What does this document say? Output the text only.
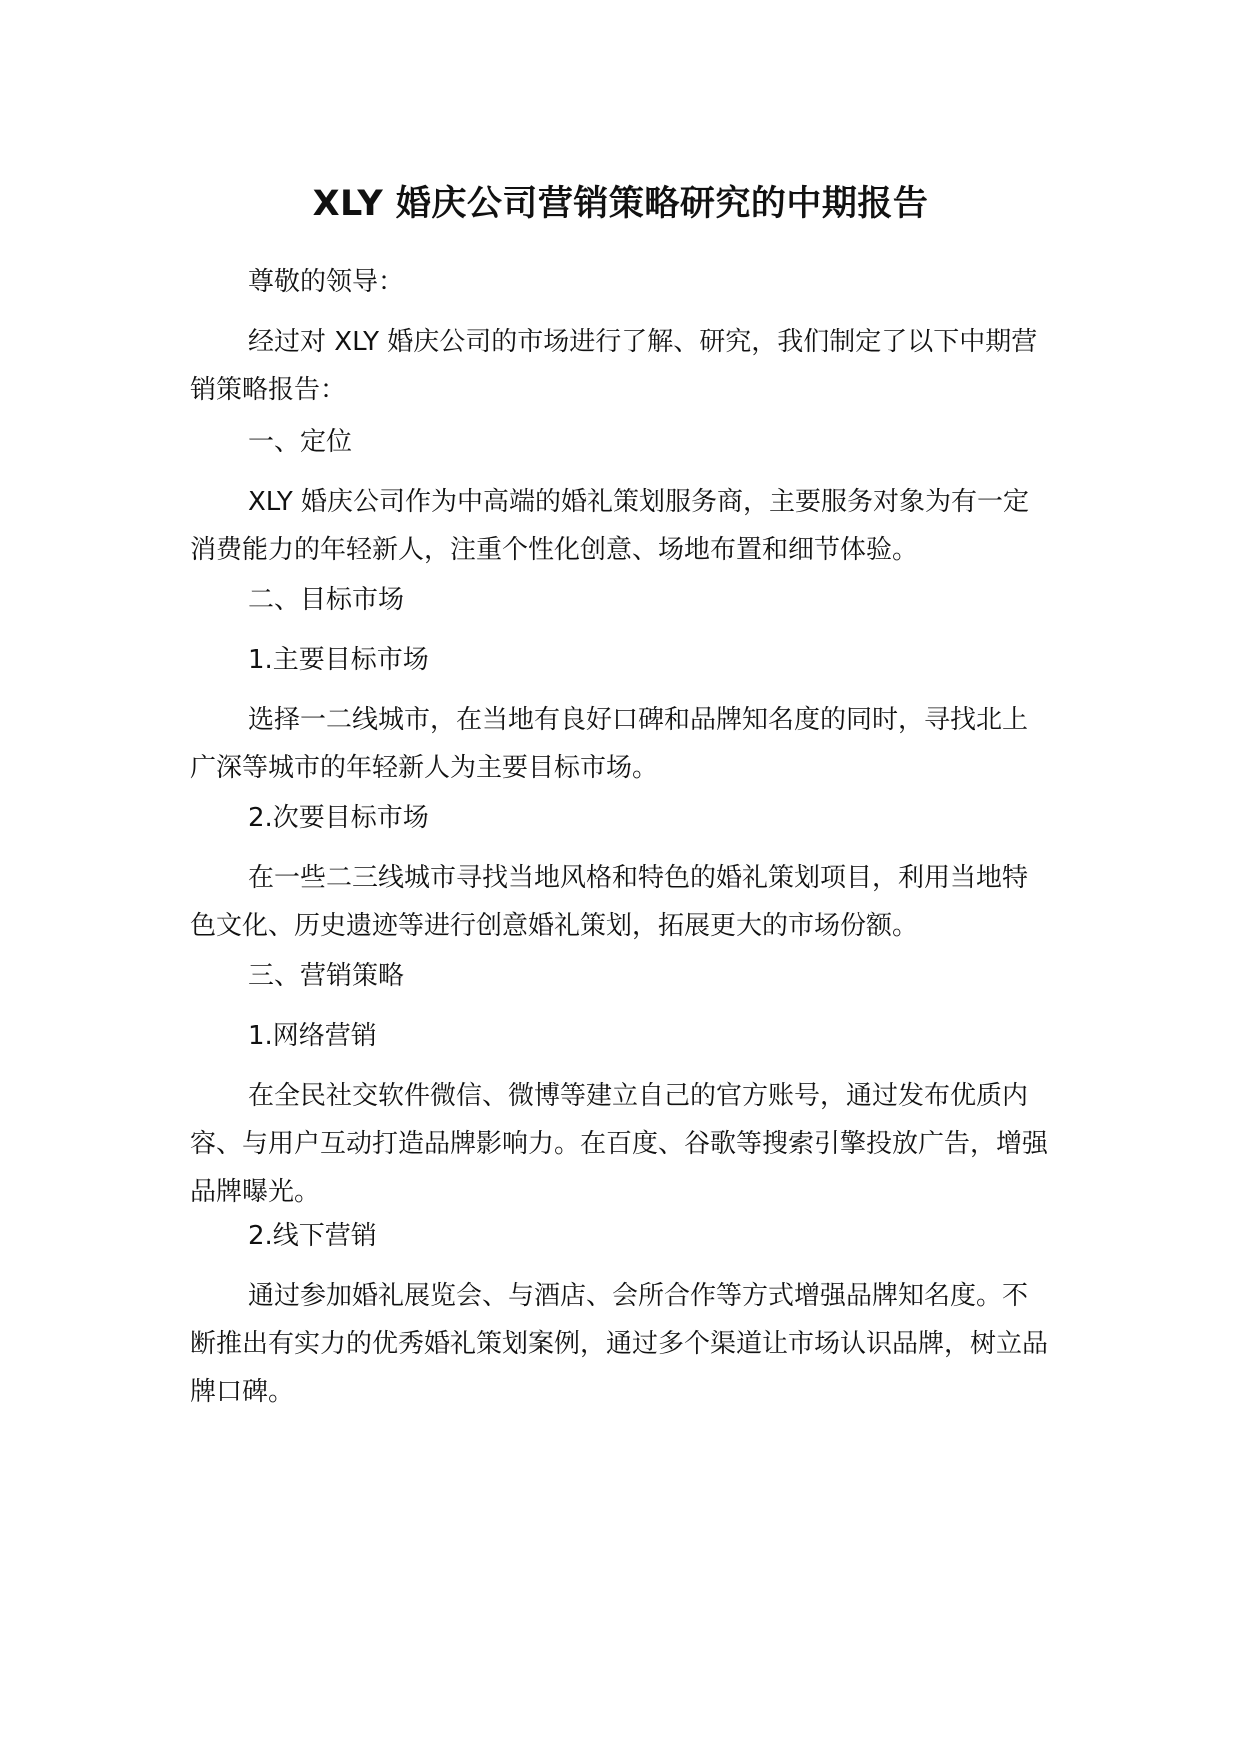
XLY 婚庆公司营销策略研究的中期报告

尊敬的领导：

经过对 XLY 婚庆公司的市场进行了解、研究，我们制定了以下中期营销策略报告：

一、定位

XLY 婚庆公司作为中高端的婚礼策划服务商，主要服务对象为有一定消费能力的年轻新人，注重个性化创意、场地布置和细节体验。

二、目标市场

1.主要目标市场

选择一二线城市，在当地有良好口碑和品牌知名度的同时，寻找北上广深等城市的年轻新人为主要目标市场。

2.次要目标市场

在一些二三线城市寻找当地风格和特色的婚礼策划项目，利用当地特色文化、历史遗迹等进行创意婚礼策划，拓展更大的市场份额。

三、营销策略

1.网络营销

在全民社交软件微信、微博等建立自己的官方账号，通过发布优质内容、与用户互动打造品牌影响力。在百度、谷歌等搜索引擎投放广告，增强品牌曝光。

2.线下营销

通过参加婚礼展览会、与酒店、会所合作等方式增强品牌知名度。不断推出有实力的优秀婚礼策划案例，通过多个渠道让市场认识品牌，树立品牌口碑。
